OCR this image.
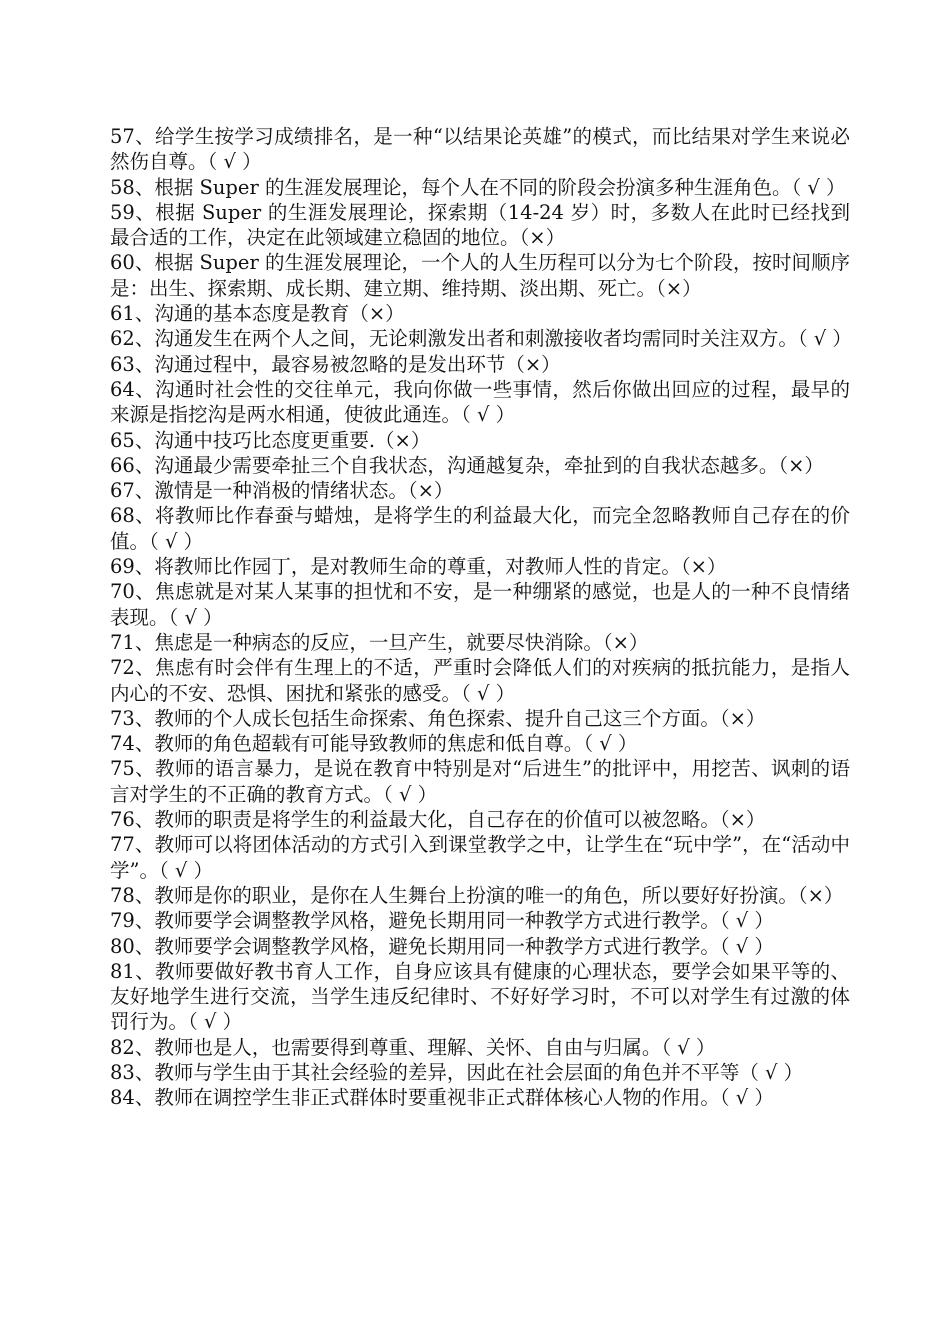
57、给学生按学习成绩排名，是一种“以结果论英雄”的模式，而比结果对学生来说必然伤自尊。（ √ ）

58、根据 Super 的生涯发展理论，每个人在不同的阶段会扮演多种生涯角色。（ √ ）

59、根据 Super 的生涯发展理论，探索期（14-24 岁）时，多数人在此时已经找到最合适的工作，决定在此领域建立稳固的地位。（×）

60、根据 Super 的生涯发展理论，一个人的人生历程可以分为七个阶段，按时间顺序是：出生、探索期、成长期、建立期、维持期、淡出期、死亡。（×）

61、沟通的基本态度是教育（×）

62、沟通发生在两个人之间，无论刺激发出者和刺激接收者均需同时关注双方。（ √ ）

63、沟通过程中，最容易被忽略的是发出环节（×）

64、沟通时社会性的交往单元，我向你做一些事情，然后你做出回应的过程，最早的来源是指挖沟是两水相通，使彼此通连。（ √ ）

65、沟通中技巧比态度更重要.（×）

66、沟通最少需要牵扯三个自我状态，沟通越复杂，牵扯到的自我状态越多。（×）

67、激情是一种消极的情绪状态。（×）

68、将教师比作春蚕与蜡烛，是将学生的利益最大化，而完全忽略教师自己存在的价值。（ √ ）

69、将教师比作园丁，是对教师生命的尊重，对教师人性的肯定。（×）

70、焦虑就是对某人某事的担忧和不安，是一种绷紧的感觉，也是人的一种不良情绪表现。（ √ ）

71、焦虑是一种病态的反应，一旦产生，就要尽快消除。（×）

72、焦虑有时会伴有生理上的不适，严重时会降低人们的对疾病的抵抗能力，是指人内心的不安、恐惧、困扰和紧张的感受。（ √ ）

73、教师的个人成长包括生命探索、角色探索、提升自己这三个方面。（×）

74、教师的角色超载有可能导致教师的焦虑和低自尊。（ √ ）

75、教师的语言暴力，是说在教育中特别是对“后进生”的批评中，用挖苦、讽刺的语言对学生的不正确的教育方式。（ √ ）

76、教师的职责是将学生的利益最大化，自己存在的价值可以被忽略。（×）

77、教师可以将团体活动的方式引入到课堂教学之中，让学生在“玩中学”，在“活动中学”。（ √ ）

78、教师是你的职业，是你在人生舞台上扮演的唯一的角色，所以要好好扮演。（×）

79、教师要学会调整教学风格，避免长期用同一种教学方式进行教学。（ √ ）

80、教师要学会调整教学风格，避免长期用同一种教学方式进行教学。（ √ ）

81、教师要做好教书育人工作，自身应该具有健康的心理状态，要学会如果平等的、友好地学生进行交流，当学生违反纪律时、不好好学习时，不可以对学生有过激的体罚行为。（ √ ）

82、教师也是人，也需要得到尊重、理解、关怀、自由与归属。（ √ ）

83、教师与学生由于其社会经验的差异，因此在社会层面的角色并不平等（ √ ）

84、教师在调控学生非正式群体时要重视非正式群体核心人物的作用。（ √ ）
